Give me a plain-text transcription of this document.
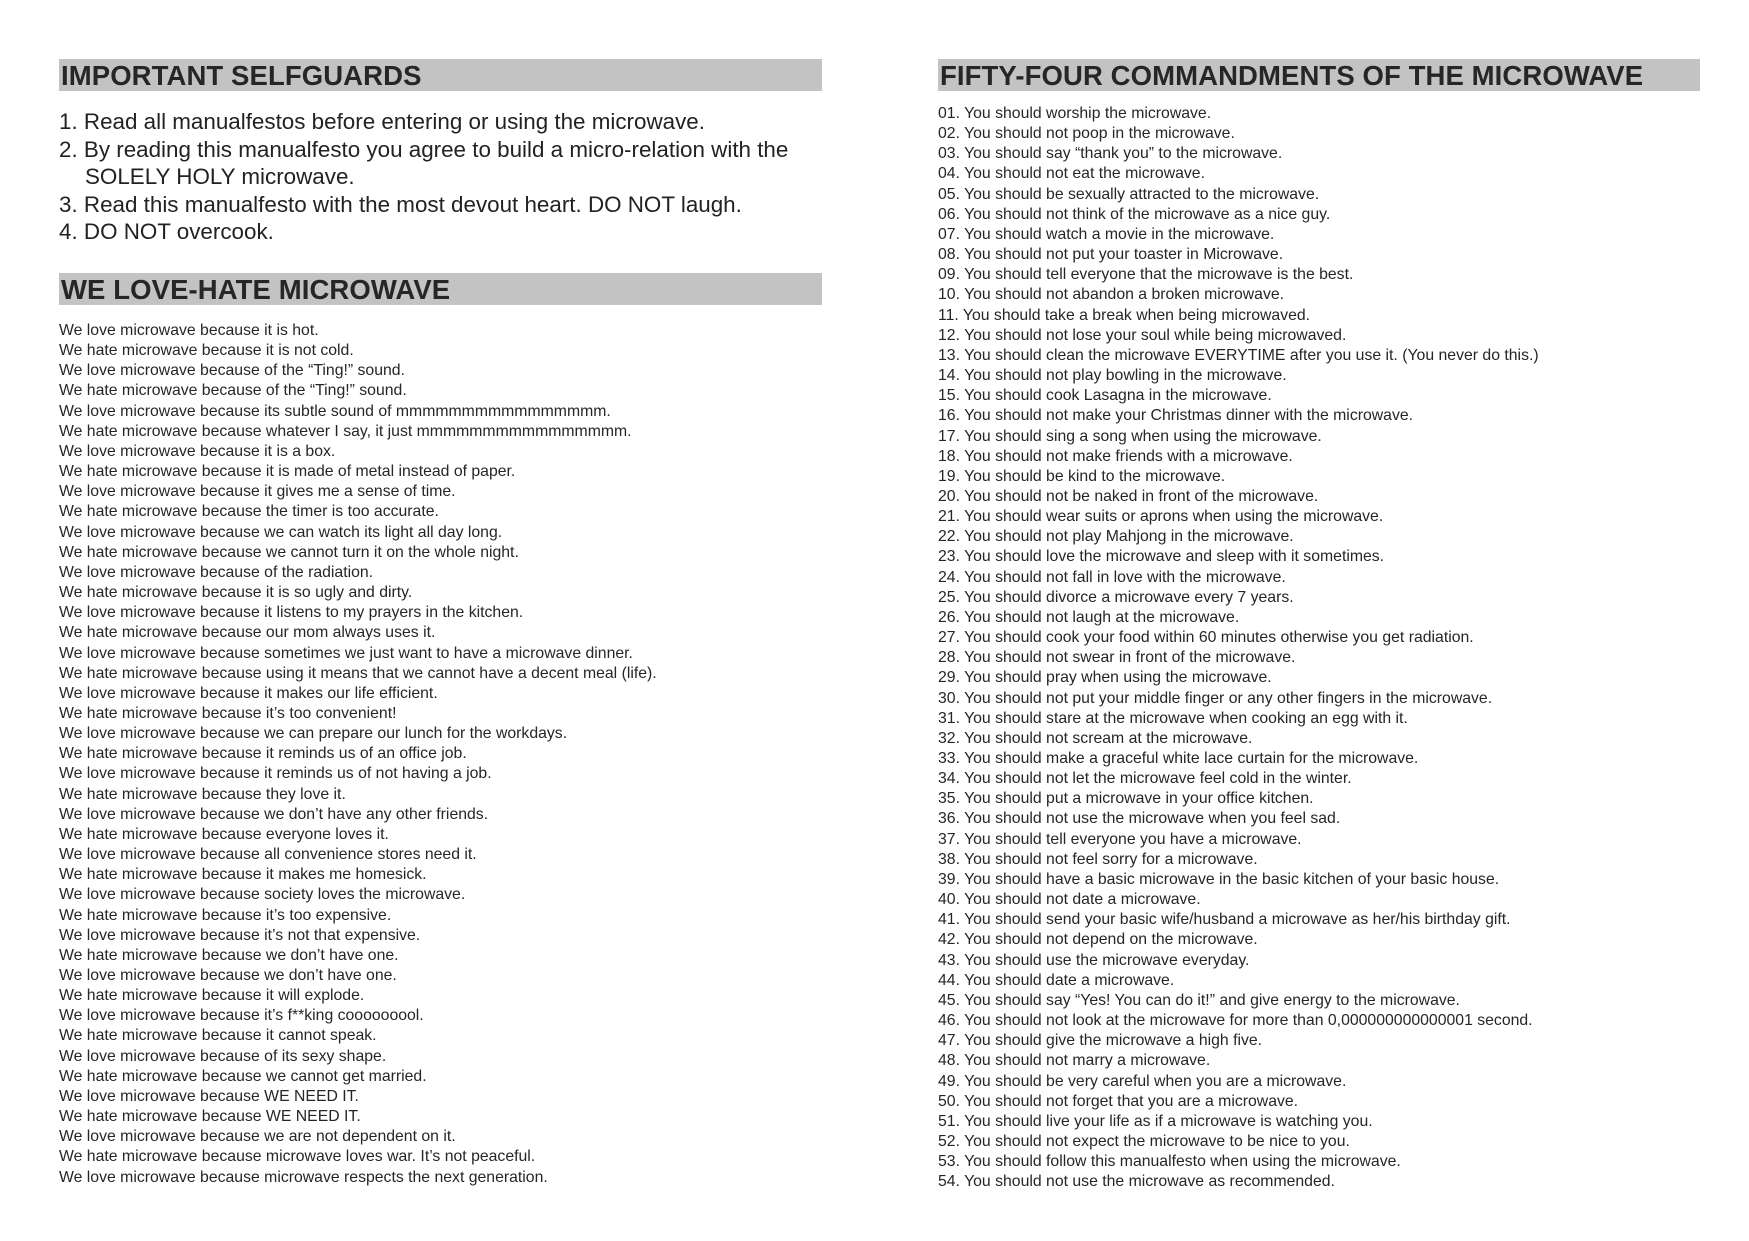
IMPORTANT SELFGUARDS
1. Read all manualfestos before entering or using the microwave.
2. By reading this manualfesto you agree to build a micro-relation with the SOLELY HOLY microwave.
3. Read this manualfesto with the most devout heart. DO NOT laugh.
4. DO NOT overcook.
WE LOVE-HATE MICROWAVE
We love microwave because it is hot.
We hate microwave because it is not cold.
We love microwave because of the “Ting!” sound.
We hate microwave because of the “Ting!” sound.
We love microwave because its subtle sound of mmmmmmmmmmmmmmmm.
We hate microwave because whatever I say, it just mmmmmmmmmmmmmmmm.
We love microwave because it is a box.
We hate microwave because it is made of metal instead of paper.
We love microwave because it gives me a sense of time.
We hate microwave because the timer is too accurate.
We love microwave because we can watch its light all day long.
We hate microwave because we cannot turn it on the whole night.
We love microwave because of the radiation.
We hate microwave because it is so ugly and dirty.
We love microwave because it listens to my prayers in the kitchen.
We hate microwave because our mom always uses it.
We love microwave because sometimes we just want to have a microwave dinner.
We hate microwave because using it means that we cannot have a decent meal (life).
We love microwave because it makes our life efficient.
We hate microwave because it’s too convenient!
We love microwave because we can prepare our lunch for the workdays.
We hate microwave because it reminds us of an office job.
We love microwave because it reminds us of not having a job.
We hate microwave because they love it.
We love microwave because we don’t have any other friends.
We hate microwave because everyone loves it.
We love microwave because all convenience stores need it.
We hate microwave because it makes me homesick.
We love microwave because society loves the microwave.
We hate microwave because it’s too expensive.
We love microwave because it’s not that expensive.
We hate microwave because we don’t have one.
We love microwave because we don’t have one.
We hate microwave because it will explode.
We love microwave because it’s f**king cooooooool.
We hate microwave because it cannot speak.
We love microwave because of its sexy shape.
We hate microwave because we cannot get married.
We love microwave because WE NEED IT.
We hate microwave because WE NEED IT.
We love microwave because we are not dependent on it.
We hate microwave because microwave loves war. It’s not peaceful.
We love microwave because microwave respects the next generation.
FIFTY-FOUR COMMANDMENTS OF THE MICROWAVE
01. You should worship the microwave.
02. You should not poop in the microwave.
03. You should say “thank you” to the microwave.
04. You should not eat the microwave.
05. You should be sexually attracted to the microwave.
06. You should not think of the microwave as a nice guy.
07. You should watch a movie in the microwave.
08. You should not put your toaster in Microwave.
09. You should tell everyone that the microwave is the best.
10. You should not abandon a broken microwave.
11. You should take a break when being microwaved.
12. You should not lose your soul while being microwaved.
13. You should clean the microwave EVERYTIME after you use it. (You never do this.)
14. You should not play bowling in the microwave.
15. You should cook Lasagna in the microwave.
16. You should not make your Christmas dinner with the microwave.
17. You should sing a song when using the microwave.
18. You should not make friends with a microwave.
19. You should be kind to the microwave.
20. You should not be naked in front of the microwave.
21. You should wear suits or aprons when using the microwave.
22. You should not play Mahjong in the microwave.
23. You should love the microwave and sleep with it sometimes.
24. You should not fall in love with the microwave.
25. You should divorce a microwave every 7 years.
26. You should not laugh at the microwave.
27. You should cook your food within 60 minutes otherwise you get radiation.
28. You should not swear in front of the microwave.
29. You should pray when using the microwave.
30. You should not put your middle finger or any other fingers in the microwave.
31. You should stare at the microwave when cooking an egg with it.
32. You should not scream at the microwave.
33. You should make a graceful white lace curtain for the microwave.
34. You should not let the microwave feel cold in the winter.
35. You should put a microwave in your office kitchen.
36. You should not use the microwave when you feel sad.
37. You should tell everyone you have a microwave.
38. You should not feel sorry for a microwave.
39. You should have a basic microwave in the basic kitchen of your basic house.
40. You should not date a microwave.
41. You should send your basic wife/husband a microwave as her/his birthday gift.
42. You should not depend on the microwave.
43. You should use the microwave everyday.
44. You should date a microwave.
45. You should say “Yes! You can do it!” and give energy to the microwave.
46. You should not look at the microwave for more than 0,000000000000001 second.
47. You should give the microwave a high five.
48. You should not marry a microwave.
49. You should be very careful when you are a microwave.
50. You should not forget that you are a microwave.
51. You should live your life as if a microwave is watching you.
52. You should not expect the microwave to be nice to you.
53. You should follow this manualfesto when using the microwave.
54. You should not use the microwave as recommended.
